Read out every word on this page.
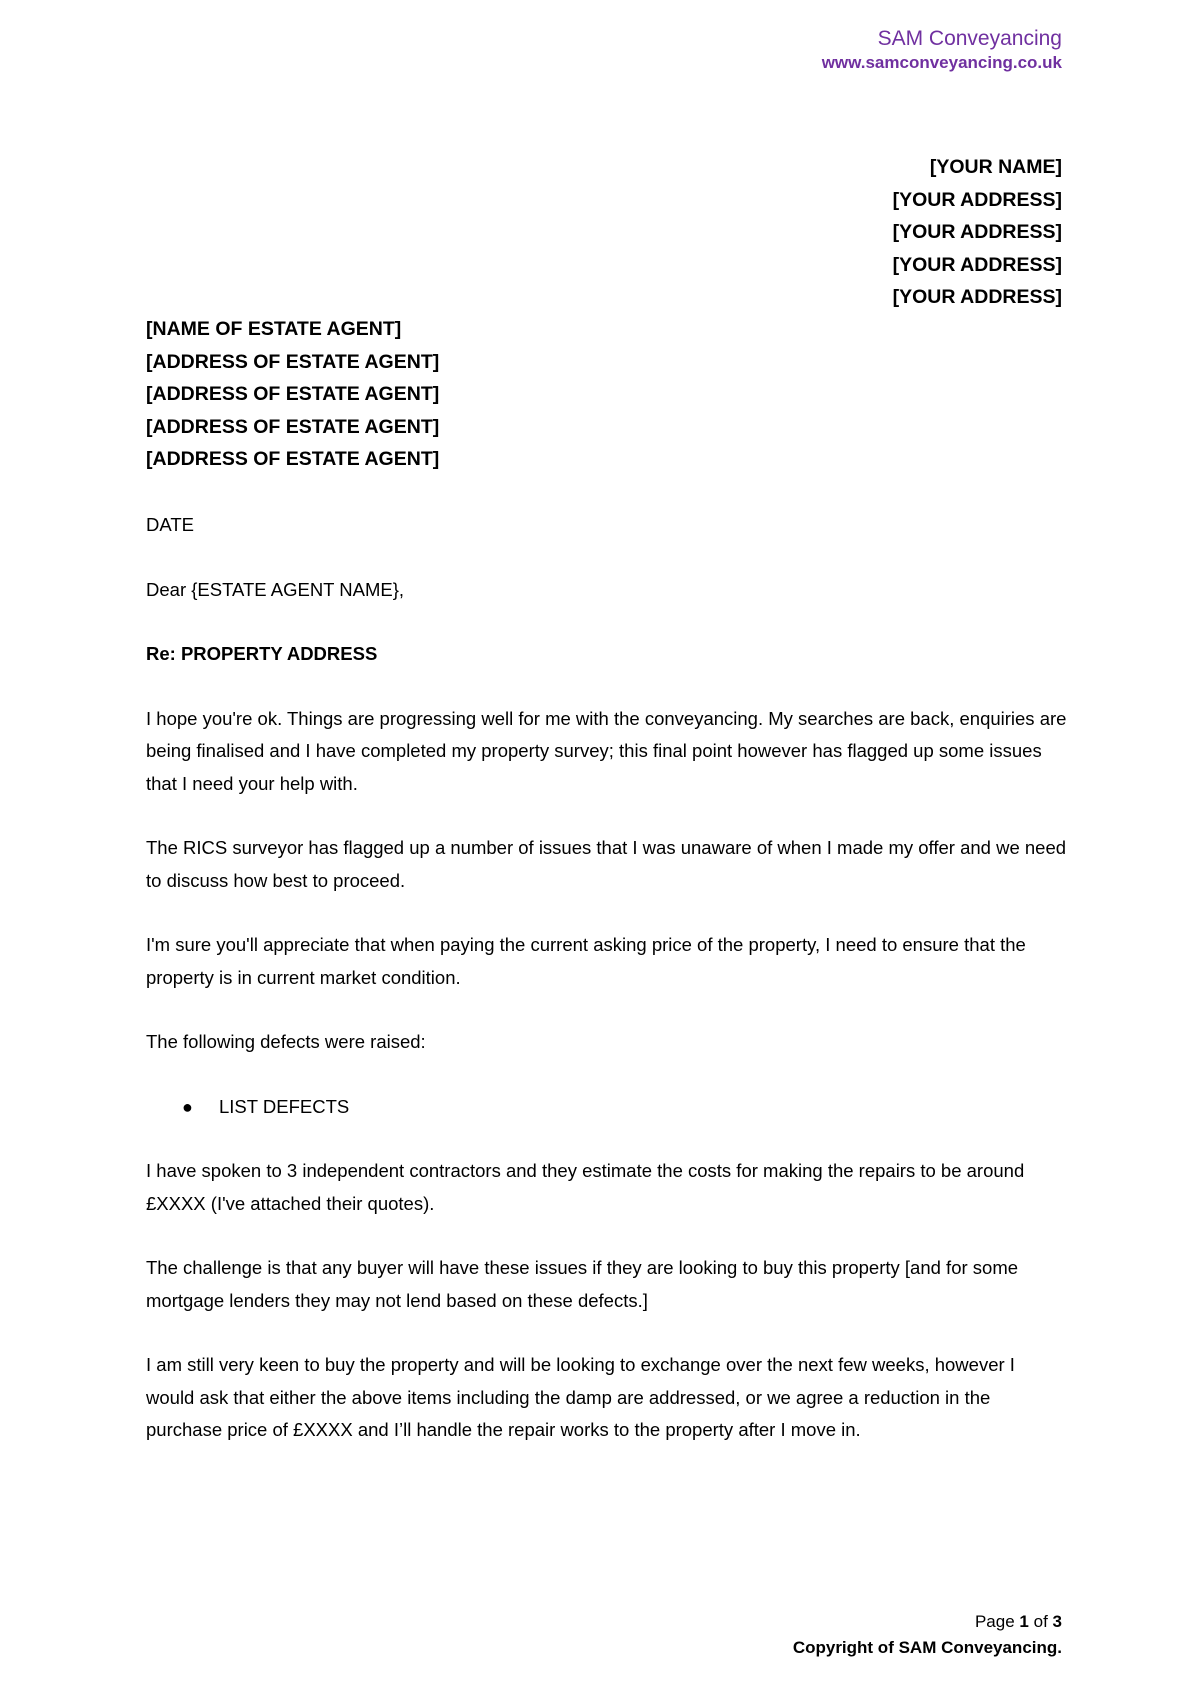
SAM Conveyancing
www.samconveyancing.co.uk
[YOUR NAME]
[YOUR ADDRESS]
[YOUR ADDRESS]
[YOUR ADDRESS]
[YOUR ADDRESS]
[NAME OF ESTATE AGENT]
[ADDRESS OF ESTATE AGENT]
[ADDRESS OF ESTATE AGENT]
[ADDRESS OF ESTATE AGENT]
[ADDRESS OF ESTATE AGENT]

DATE

Dear {ESTATE AGENT NAME},

Re: PROPERTY ADDRESS

I hope you're ok. Things are progressing well for me with the conveyancing. My searches are back, enquiries are being finalised and I have completed my property survey; this final point however has flagged up some issues that I need your help with.

The RICS surveyor has flagged up a number of issues that I was unaware of when I made my offer and we need to discuss how best to proceed.

I'm sure you'll appreciate that when paying the current asking price of the property, I need to ensure that the property is in current market condition.

The following defects were raised:

●	LIST DEFECTS

I have spoken to 3 independent contractors and they estimate the costs for making the repairs to be around £XXXX (I've attached their quotes).

The challenge is that any buyer will have these issues if they are looking to buy this property [and for some mortgage lenders they may not lend based on these defects.]

I am still very keen to buy the property and will be looking to exchange over the next few weeks, however I would ask that either the above items including the damp are addressed, or we agree a reduction in the purchase price of £XXXX and I’ll handle the repair works to the property after I move in.

Page 1 of 3
Copyright of SAM Conveyancing.
